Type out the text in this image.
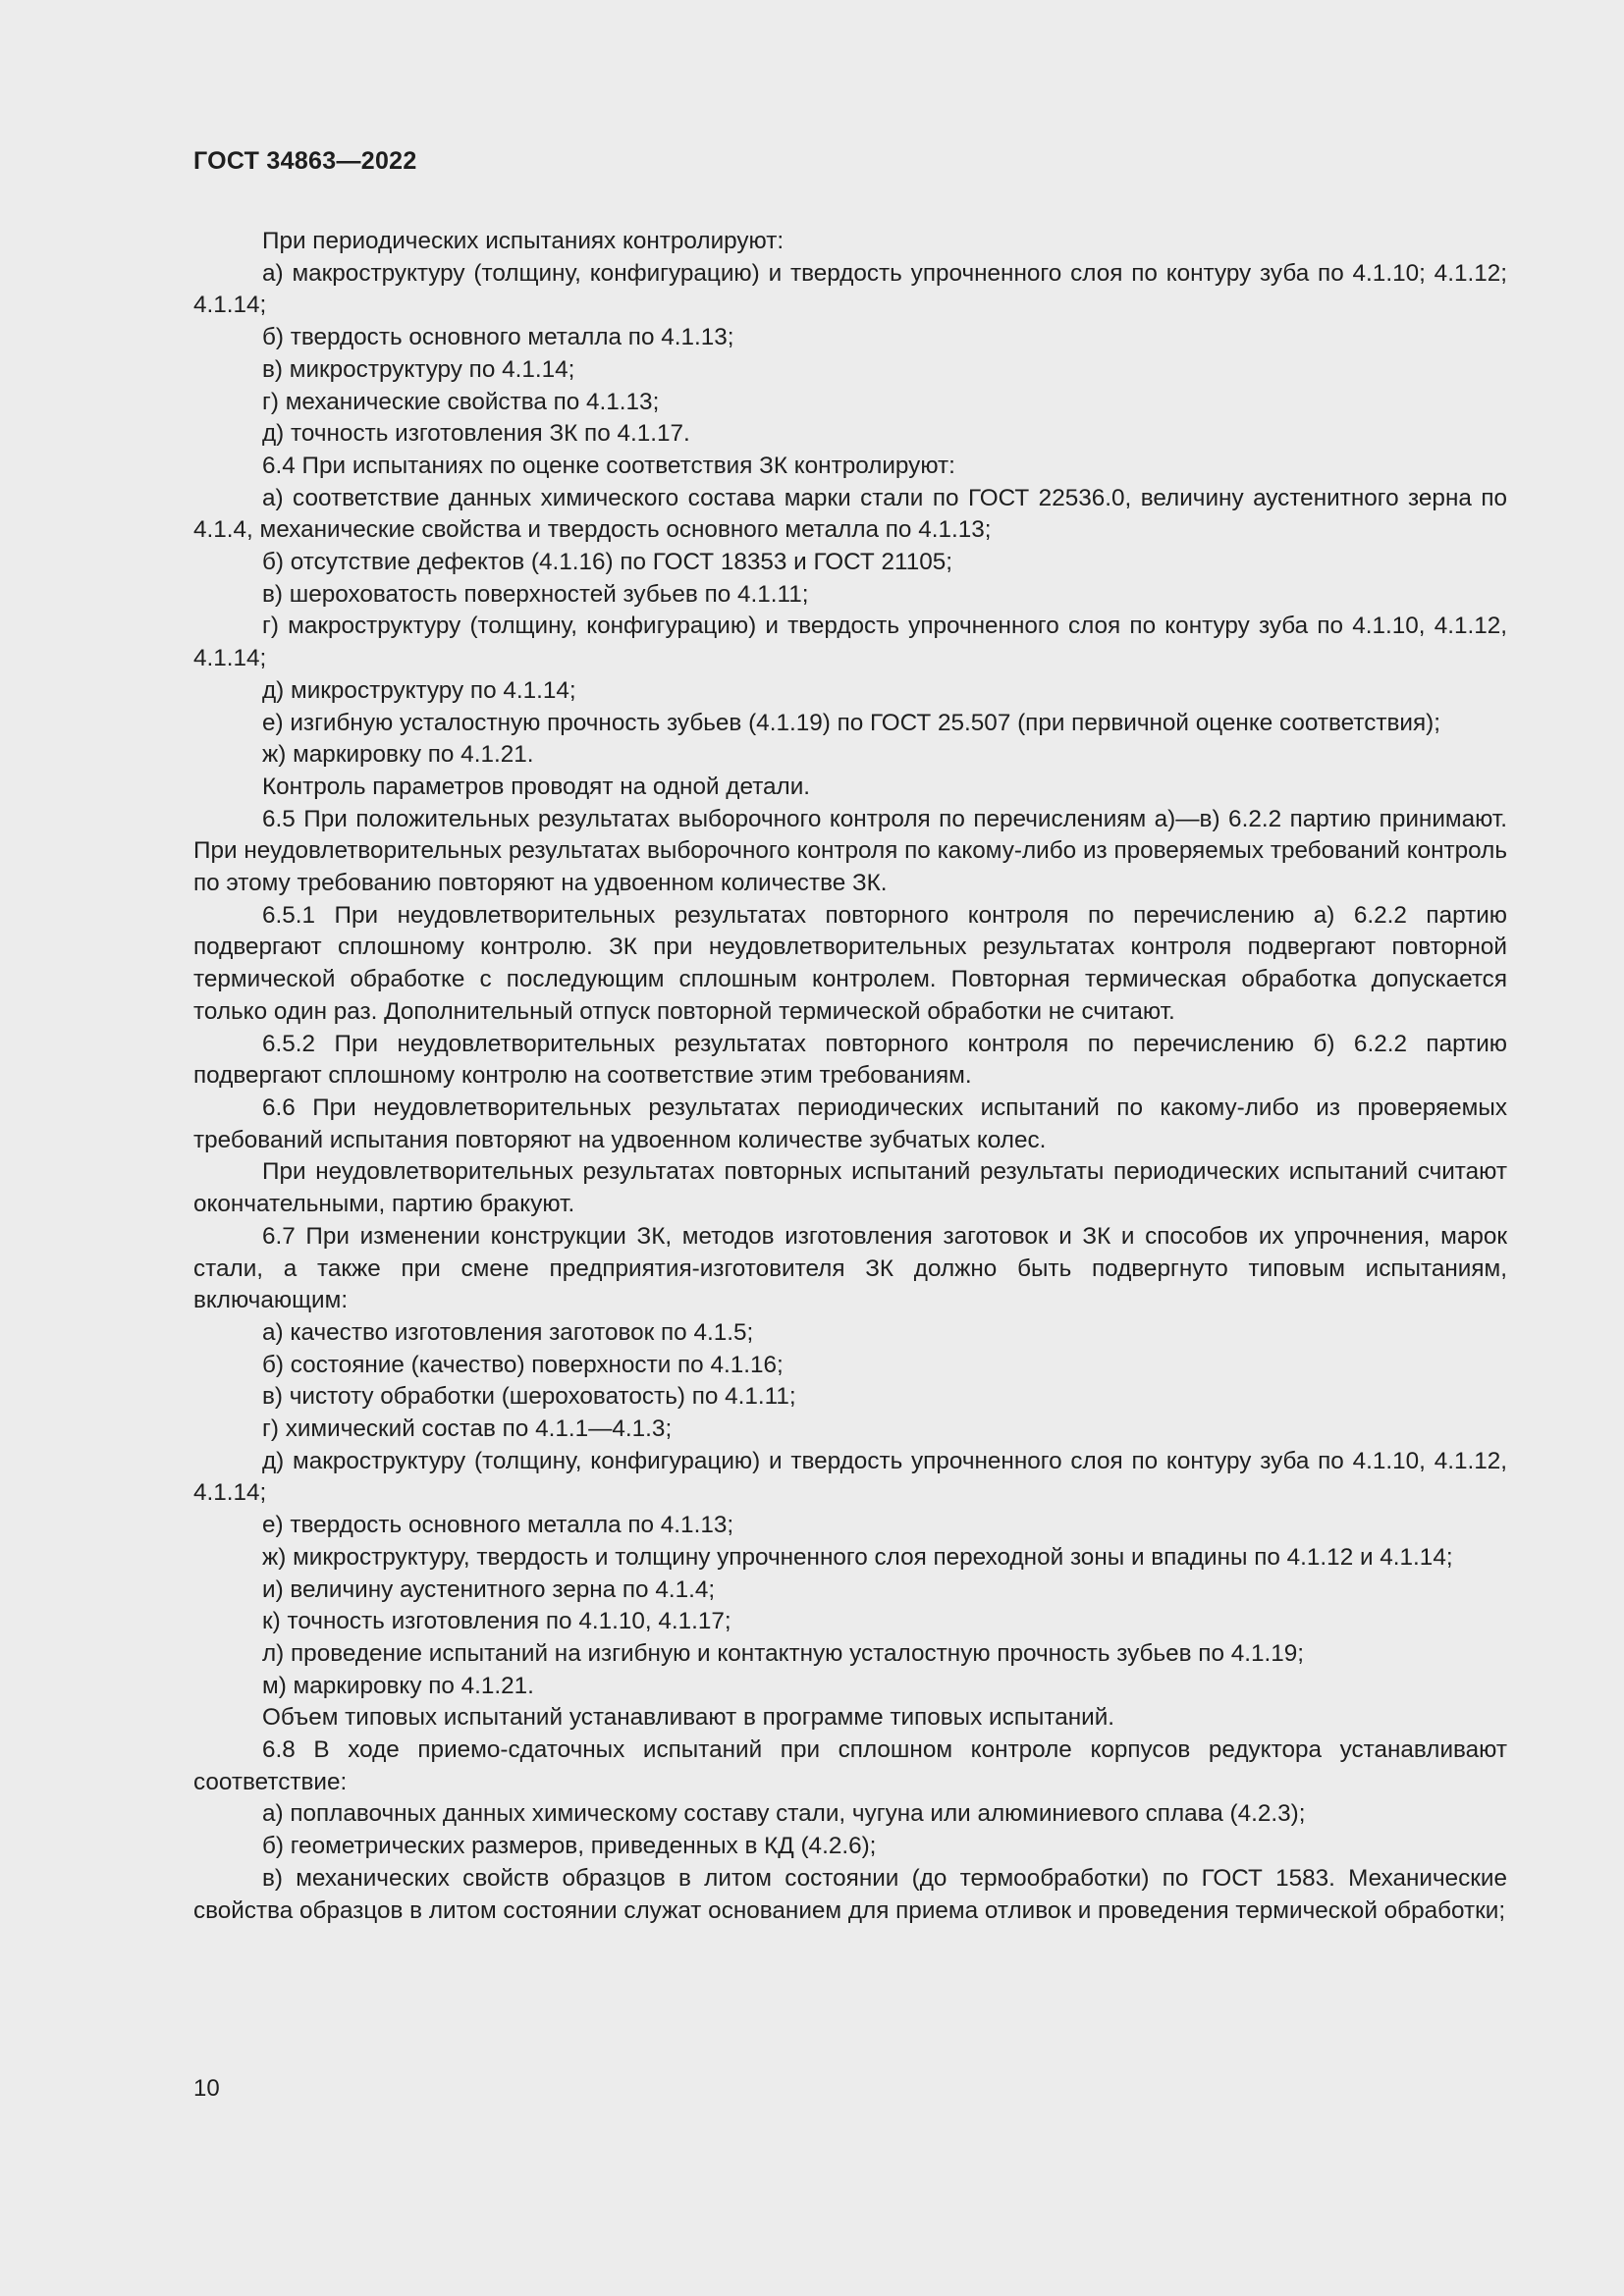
ГОСТ 34863—2022

При периодических испытаниях контролируют:

а) макроструктуру (толщину, конфигурацию) и твердость упрочненного слоя по контуру зуба по 4.1.10; 4.1.12; 4.1.14;

б) твердость основного металла по 4.1.13;

в) микроструктуру по 4.1.14;

г) механические свойства по 4.1.13;

д) точность изготовления ЗК по 4.1.17.

6.4 При испытаниях по оценке соответствия ЗК контролируют:

а) соответствие данных химического состава марки стали по ГОСТ 22536.0, величину аустенитного зерна по 4.1.4, механические свойства и твердость основного металла по 4.1.13;

б) отсутствие дефектов (4.1.16) по ГОСТ 18353 и ГОСТ 21105;

в) шероховатость поверхностей зубьев по 4.1.11;

г) макроструктуру (толщину, конфигурацию) и твердость упрочненного слоя по контуру зуба по 4.1.10, 4.1.12, 4.1.14;

д) микроструктуру по 4.1.14;

е) изгибную усталостную прочность зубьев (4.1.19) по ГОСТ 25.507 (при первичной оценке соответствия);

ж) маркировку по 4.1.21.

Контроль параметров проводят на одной детали.

6.5 При положительных результатах выборочного контроля по перечислениям а)—в) 6.2.2 партию принимают. При неудовлетворительных результатах выборочного контроля по какому-либо из проверяемых требований контроль по этому требованию повторяют на удвоенном количестве ЗК.

6.5.1 При неудовлетворительных результатах повторного контроля по перечислению а) 6.2.2 партию подвергают сплошному контролю. ЗК при неудовлетворительных результатах контроля подвергают повторной термической обработке с последующим сплошным контролем. Повторная термическая обработка допускается только один раз. Дополнительный отпуск повторной термической обработки не считают.

6.5.2 При неудовлетворительных результатах повторного контроля по перечислению б) 6.2.2 партию подвергают сплошному контролю на соответствие этим требованиям.

6.6 При неудовлетворительных результатах периодических испытаний по какому-либо из проверяемых требований испытания повторяют на удвоенном количестве зубчатых колес.

При неудовлетворительных результатах повторных испытаний результаты периодических испытаний считают окончательными, партию бракуют.

6.7 При изменении конструкции ЗК, методов изготовления заготовок и ЗК и способов их упрочнения, марок стали, а также при смене предприятия-изготовителя ЗК должно быть подвергнуто типовым испытаниям, включающим:

а) качество изготовления заготовок по 4.1.5;

б) состояние (качество) поверхности по 4.1.16;

в) чистоту обработки (шероховатость) по 4.1.11;

г) химический состав по 4.1.1—4.1.3;

д) макроструктуру (толщину, конфигурацию) и твердость упрочненного слоя по контуру зуба по 4.1.10, 4.1.12, 4.1.14;

е) твердость основного металла по 4.1.13;

ж) микроструктуру, твердость и толщину упрочненного слоя переходной зоны и впадины по 4.1.12 и 4.1.14;

и) величину аустенитного зерна по 4.1.4;

к) точность изготовления по 4.1.10, 4.1.17;

л) проведение испытаний на изгибную и контактную усталостную прочность зубьев по 4.1.19;

м) маркировку по 4.1.21.

Объем типовых испытаний устанавливают в программе типовых испытаний.

6.8 В ходе приемо-сдаточных испытаний при сплошном контроле корпусов редуктора устанавливают соответствие:

а) поплавочных данных химическому составу стали, чугуна или алюминиевого сплава (4.2.3);

б) геометрических размеров, приведенных в КД (4.2.6);

в) механических свойств образцов в литом состоянии (до термообработки) по ГОСТ 1583. Механические свойства образцов в литом состоянии служат основанием для приема отливок и проведения термической обработки;

10
